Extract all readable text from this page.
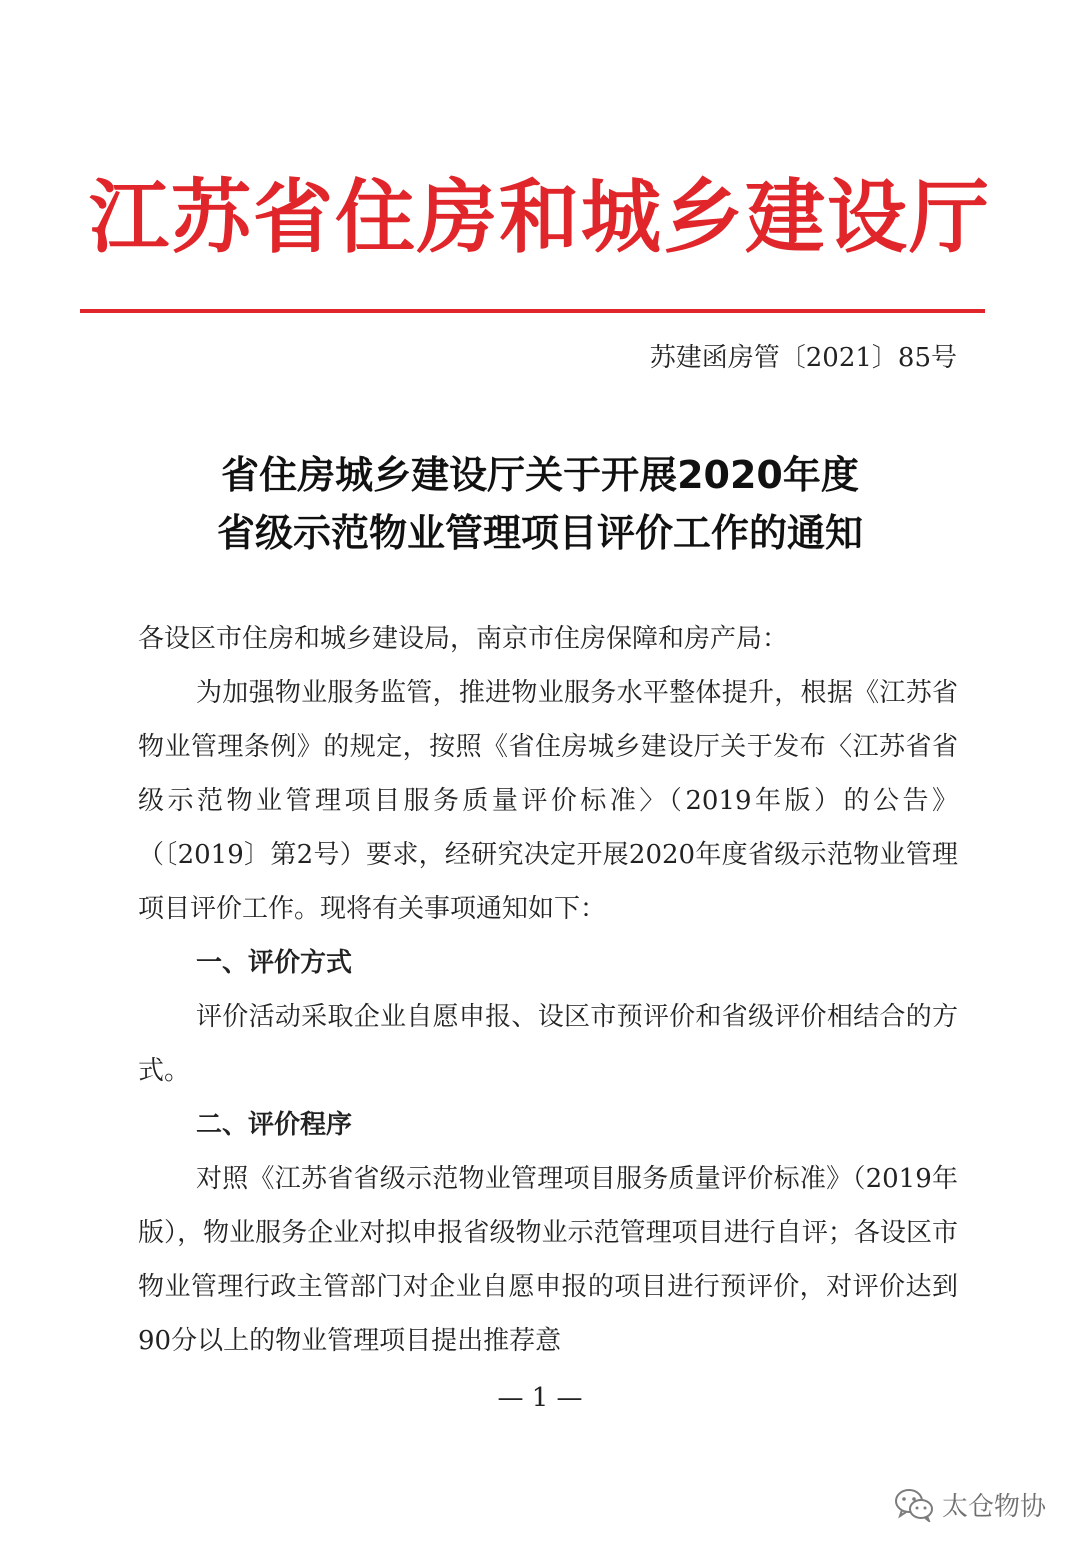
江苏省住房和城乡建设厅
苏建函房管〔2021〕85号
省住房城乡建设厅关于开展2020年度
省级示范物业管理项目评价工作的通知

各设区市住房和城乡建设局，南京市住房保障和房产局：

为加强物业服务监管，推进物业服务水平整体提升，根据《江苏省物业管理条例》的规定，按照《省住房城乡建设厅关于发布〈江苏省省级示范物业管理项目服务质量评价标准〉（2019年版）的公告》（〔2019〕第2号）要求，经研究决定开展2020年度省级示范物业管理项目评价工作。现将有关事项通知如下：

一、评价方式

评价活动采取企业自愿申报、设区市预评价和省级评价相结合的方式。

二、评价程序

对照《江苏省省级示范物业管理项目服务质量评价标准》（2019年版），物业服务企业对拟申报省级物业示范管理项目进行自评；各设区市物业管理行政主管部门对企业自愿申报的项目进行预评价，对评价达到90分以上的物业管理项目提出推荐意

— 1 —
太仓物协
